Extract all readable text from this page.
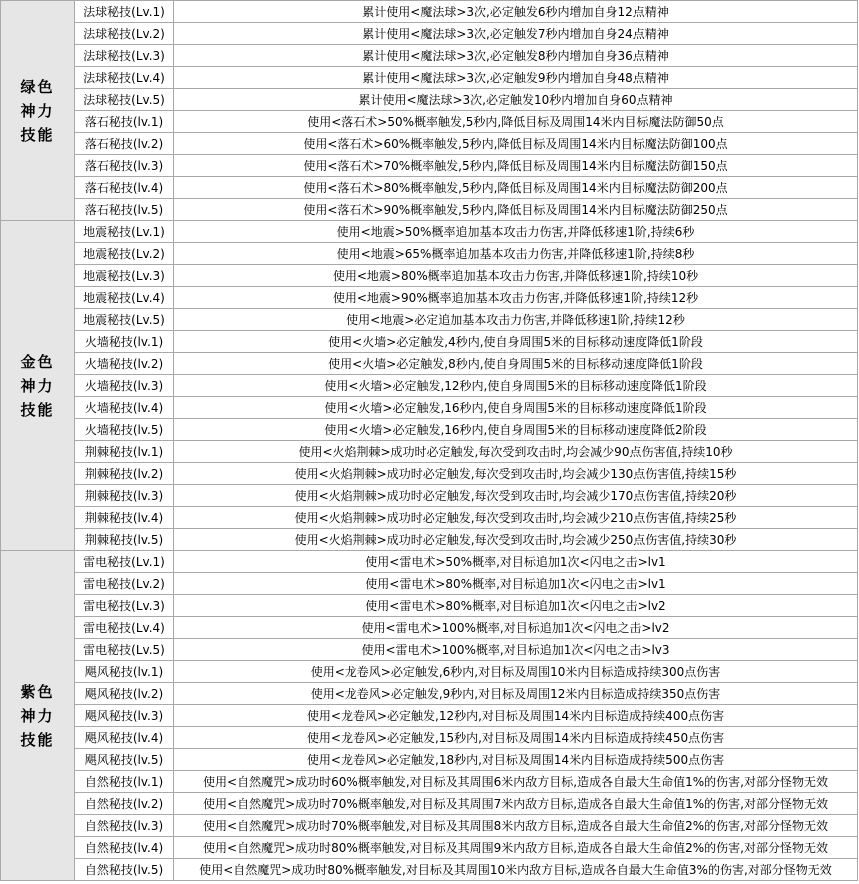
绿色
神力
技能	法球秘技(Lv.1)	累计使用<魔法球>3次,必定触发6秒内增加自身12点精神
	法球秘技(Lv.2)	累计使用<魔法球>3次,必定触发7秒内增加自身24点精神
	法球秘技(Lv.3)	累计使用<魔法球>3次,必定触发8秒内增加自身36点精神
	法球秘技(Lv.4)	累计使用<魔法球>3次,必定触发9秒内增加自身48点精神
	法球秘技(Lv.5)	累计使用<魔法球>3次,必定触发10秒内增加自身60点精神
	落石秘技(lv.1)	使用<落石术>50%概率触发,5秒内,降低目标及周围14米内目标魔法防御50点
	落石秘技(lv.2)	使用<落石术>60%概率触发,5秒内,降低目标及周围14米内目标魔法防御100点
	落石秘技(lv.3)	使用<落石术>70%概率触发,5秒内,降低目标及周围14米内目标魔法防御150点
	落石秘技(lv.4)	使用<落石术>80%概率触发,5秒内,降低目标及周围14米内目标魔法防御200点
	落石秘技(lv.5)	使用<落石术>90%概率触发,5秒内,降低目标及周围14米内目标魔法防御250点

金色
神力
技能	地震秘技(Lv.1)	使用<地震>50%概率追加基本攻击力伤害,并降低移速1阶,持续6秒
	地震秘技(Lv.2)	使用<地震>65%概率追加基本攻击力伤害,并降低移速1阶,持续8秒
	地震秘技(Lv.3)	使用<地震>80%概率追加基本攻击力伤害,并降低移速1阶,持续10秒
	地震秘技(Lv.4)	使用<地震>90%概率追加基本攻击力伤害,并降低移速1阶,持续12秒
	地震秘技(Lv.5)	使用<地震>必定追加基本攻击力伤害,并降低移速1阶,持续12秒
	火墙秘技(lv.1)	使用<火墙>必定触发,4秒内,使自身周围5米的目标移动速度降低1阶段
	火墙秘技(lv.2)	使用<火墙>必定触发,8秒内,使自身周围5米的目标移动速度降低1阶段
	火墙秘技(lv.3)	使用<火墙>必定触发,12秒内,使自身周围5米的目标移动速度降低1阶段
	火墙秘技(lv.4)	使用<火墙>必定触发,16秒内,使自身周围5米的目标移动速度降低1阶段
	火墙秘技(lv.5)	使用<火墙>必定触发,16秒内,使自身周围5米的目标移动速度降低2阶段
	荆棘秘技(lv.1)	使用<火焰荆棘>成功时必定触发,每次受到攻击时,均会减少90点伤害值,持续10秒
	荆棘秘技(lv.2)	使用<火焰荆棘>成功时必定触发,每次受到攻击时,均会减少130点伤害值,持续15秒
	荆棘秘技(lv.3)	使用<火焰荆棘>成功时必定触发,每次受到攻击时,均会减少170点伤害值,持续20秒
	荆棘秘技(lv.4)	使用<火焰荆棘>成功时必定触发,每次受到攻击时,均会减少210点伤害值,持续25秒
	荆棘秘技(lv.5)	使用<火焰荆棘>成功时必定触发,每次受到攻击时,均会减少250点伤害值,持续30秒

紫色
神力
技能	雷电秘技(Lv.1)	使用<雷电术>50%概率,对目标追加1次<闪电之击>lv1
	雷电秘技(Lv.2)	使用<雷电术>80%概率,对目标追加1次<闪电之击>lv1
	雷电秘技(Lv.3)	使用<雷电术>80%概率,对目标追加1次<闪电之击>lv2
	雷电秘技(Lv.4)	使用<雷电术>100%概率,对目标追加1次<闪电之击>lv2
	雷电秘技(Lv.5)	使用<雷电术>100%概率,对目标追加1次<闪电之击>lv3
	飓风秘技(lv.1)	使用<龙卷风>必定触发,6秒内,对目标及周围10米内目标造成持续300点伤害
	飓风秘技(lv.2)	使用<龙卷风>必定触发,9秒内,对目标及周围12米内目标造成持续350点伤害
	飓风秘技(lv.3)	使用<龙卷风>必定触发,12秒内,对目标及周围14米内目标造成持续400点伤害
	飓风秘技(lv.4)	使用<龙卷风>必定触发,15秒内,对目标及周围14米内目标造成持续450点伤害
	飓风秘技(lv.5)	使用<龙卷风>必定触发,18秒内,对目标及周围14米内目标造成持续500点伤害
	自然秘技(lv.1)	使用<自然魔咒>成功时60%概率触发,对目标及其周围6米内敌方目标,造成各自最大生命值1%的伤害,对部分怪物无效
	自然秘技(lv.2)	使用<自然魔咒>成功时70%概率触发,对目标及其周围7米内敌方目标,造成各自最大生命值1%的伤害,对部分怪物无效
	自然秘技(lv.3)	使用<自然魔咒>成功时70%概率触发,对目标及其周围8米内敌方目标,造成各自最大生命值2%的伤害,对部分怪物无效
	自然秘技(lv.4)	使用<自然魔咒>成功时80%概率触发,对目标及其周围9米内敌方目标,造成各自最大生命值2%的伤害,对部分怪物无效
	自然秘技(lv.5)	使用<自然魔咒>成功时80%概率触发,对目标及其周围10米内敌方目标,造成各自最大生命值3%的伤害,对部分怪物无效
